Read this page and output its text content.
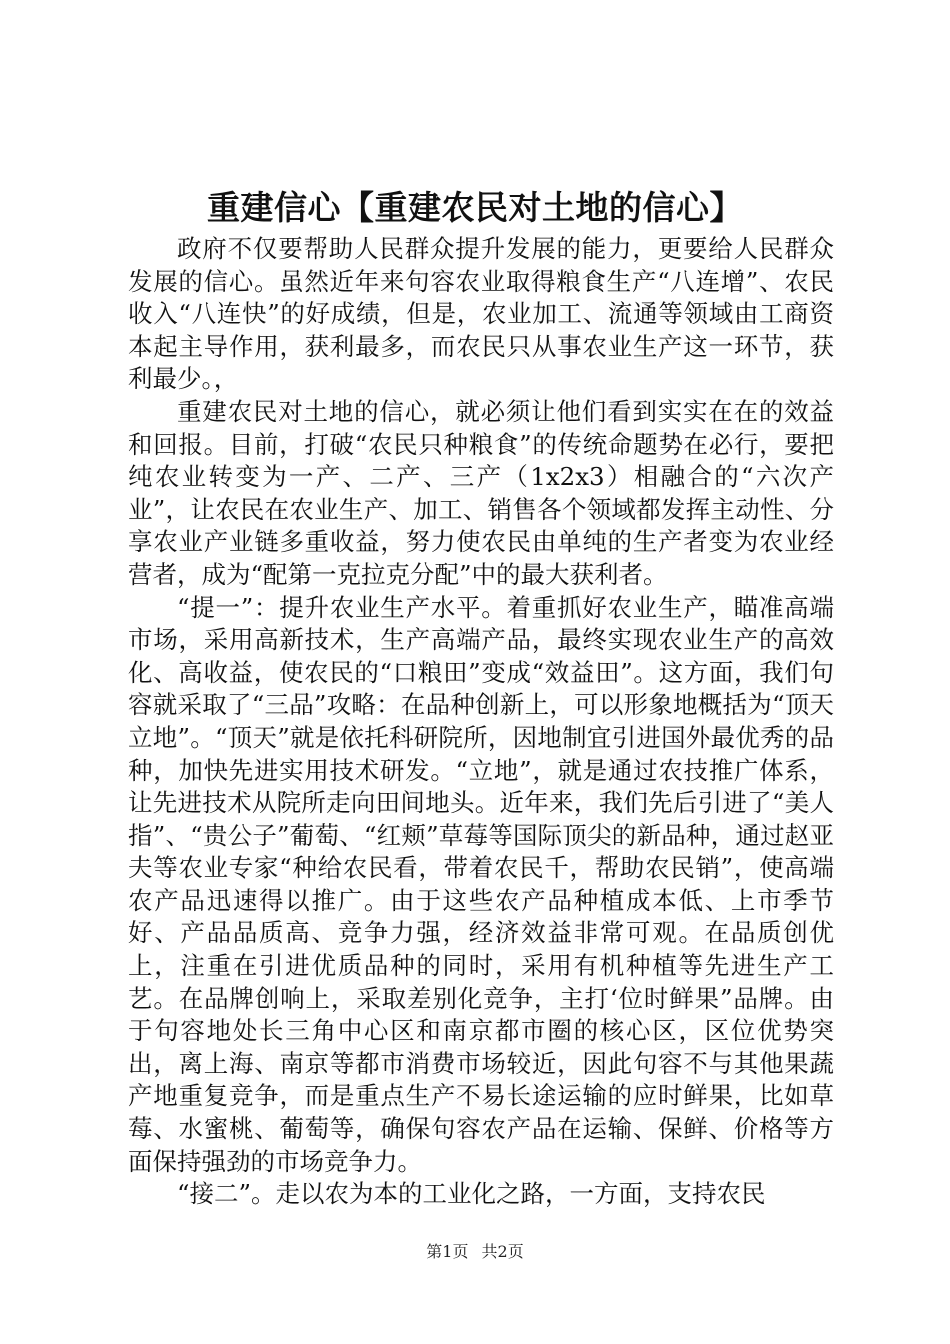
重建信心【重建农民对土地的信心】

政府不仅要帮助人民群众提升发展的能力，更要给人民群众发展的信心。虽然近年来句容农业取得粮食生产“八连增”、农民收入“八连快”的好成绩，但是，农业加工、流通等领域由工商资本起主导作用，获利最多，而农民只从事农业生产这一环节，获利最少。，

重建农民对土地的信心，就必须让他们看到实实在在的效益和回报。目前，打破“农民只种粮食”的传统命题势在必行，要把纯农业转变为一产、二产、三产（1x2x3）相融合的“六次产业”，让农民在农业生产、加工、销售各个领域都发挥主动性、分享农业产业链多重收益，努力使农民由单纯的生产者变为农业经营者，成为“配第一克拉克分配”中的最大获利者。

“提一”：提升农业生产水平。着重抓好农业生产，瞄准高端市场，采用高新技术，生产高端产品，最终实现农业生产的高效化、高收益，使农民的“口粮田”变成“效益田”。这方面，我们句容就采取了“三品”攻略：在品种创新上，可以形象地概括为“顶天立地”。“顶天”就是依托科研院所，因地制宜引进国外最优秀的品种，加快先进实用技术研发。“立地”，就是通过农技推广体系，让先进技术从院所走向田间地头。近年来，我们先后引进了“美人指”、“贵公子”葡萄、“红颊”草莓等国际顶尖的新品种，通过赵亚夫等农业专家“种给农民看，带着农民千，帮助农民销”，使高端农产品迅速得以推广。由于这些农产品种植成本低、上市季节好、产品品质高、竞争力强，经济效益非常可观。在品质创优上，注重在引进优质品种的同时，采用有机种植等先进生产工艺。在品牌创响上，采取差别化竞争，主打‘位时鲜果”品牌。由于句容地处长三角中心区和南京都市圈的核心区，区位优势突出，离上海、南京等都市消费市场较近，因此句容不与其他果蔬产地重复竞争，而是重点生产不易长途运输的应时鲜果，比如草莓、水蜜桃、葡萄等，确保句容农产品在运输、保鲜、价格等方面保持强劲的市场竞争力。

“接二”。走以农为本的工业化之路，一方面，支持农民

第1页 共2页
